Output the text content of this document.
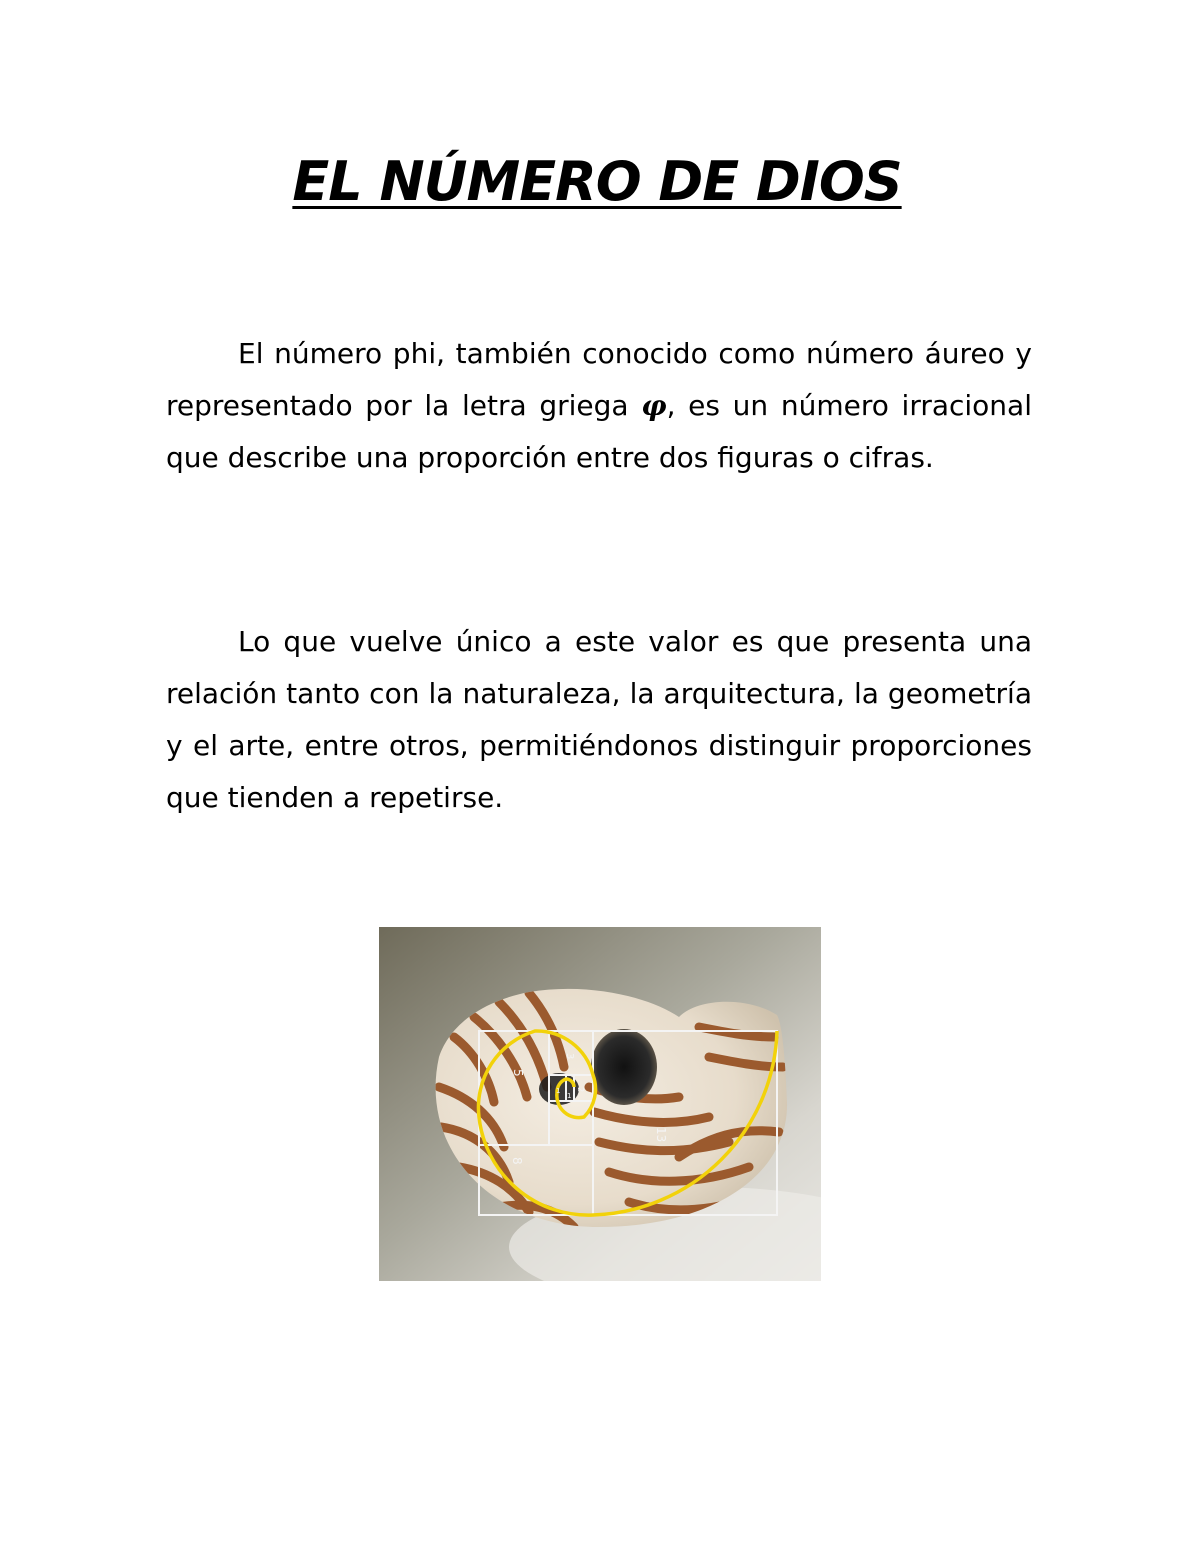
EL NÚMERO DE DIOS

El número phi, también conocido como número áureo y representado por la letra griega φ, es un número irracional que describe una proporción entre dos figuras o cifras.

Lo que vuelve único a este valor es que presenta una relación tanto con la naturaleza, la arquitectura, la geometría y el arte, entre otros, permitiéndonos distinguir proporciones que tienden a repetirse.

13
8
5
3
2
1
1
